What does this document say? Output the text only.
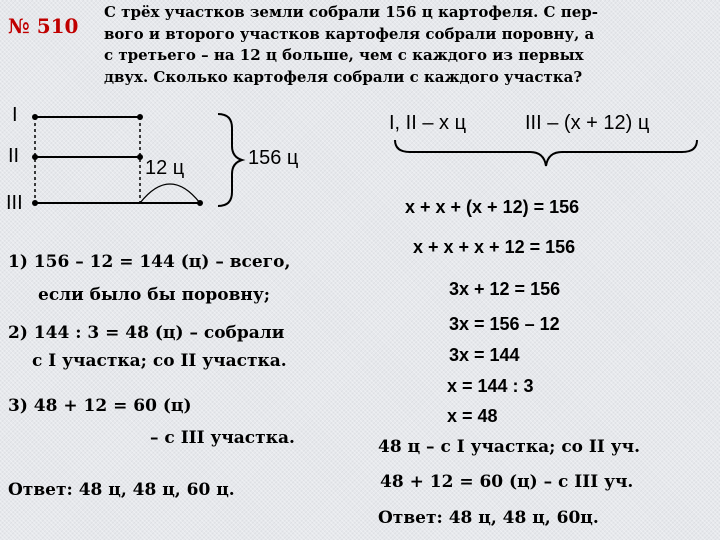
№ 510
С трёх участков земли собрали 156 ц картофеля. С пер-
вого и второго участков картофеля собрали поровну, а
с третьего – на 12 ц больше, чем с каждого из первых
двух. Сколько картофеля собрали с каждого участка?
I
II
III
12 ц	156 ц
I, II – x ц	III – (x + 12) ц
1) 156 – 12 = 144 (ц) – всего,
если было бы поровну;
2) 144 : 3 = 48 (ц) – собрали
с I участка; со II участка.
3) 48 + 12 = 60 (ц)
– с III участка.
Ответ: 48 ц, 48 ц, 60 ц.
x + x + (x + 12) = 156
x + x + x + 12 = 156
3x + 12 = 156
3x = 156 – 12
3x = 144
x = 144 : 3
x = 48
48 ц – с I участка; со II уч.
48 + 12 = 60 (ц) – с III уч.
Ответ: 48 ц, 48 ц, 60ц.
